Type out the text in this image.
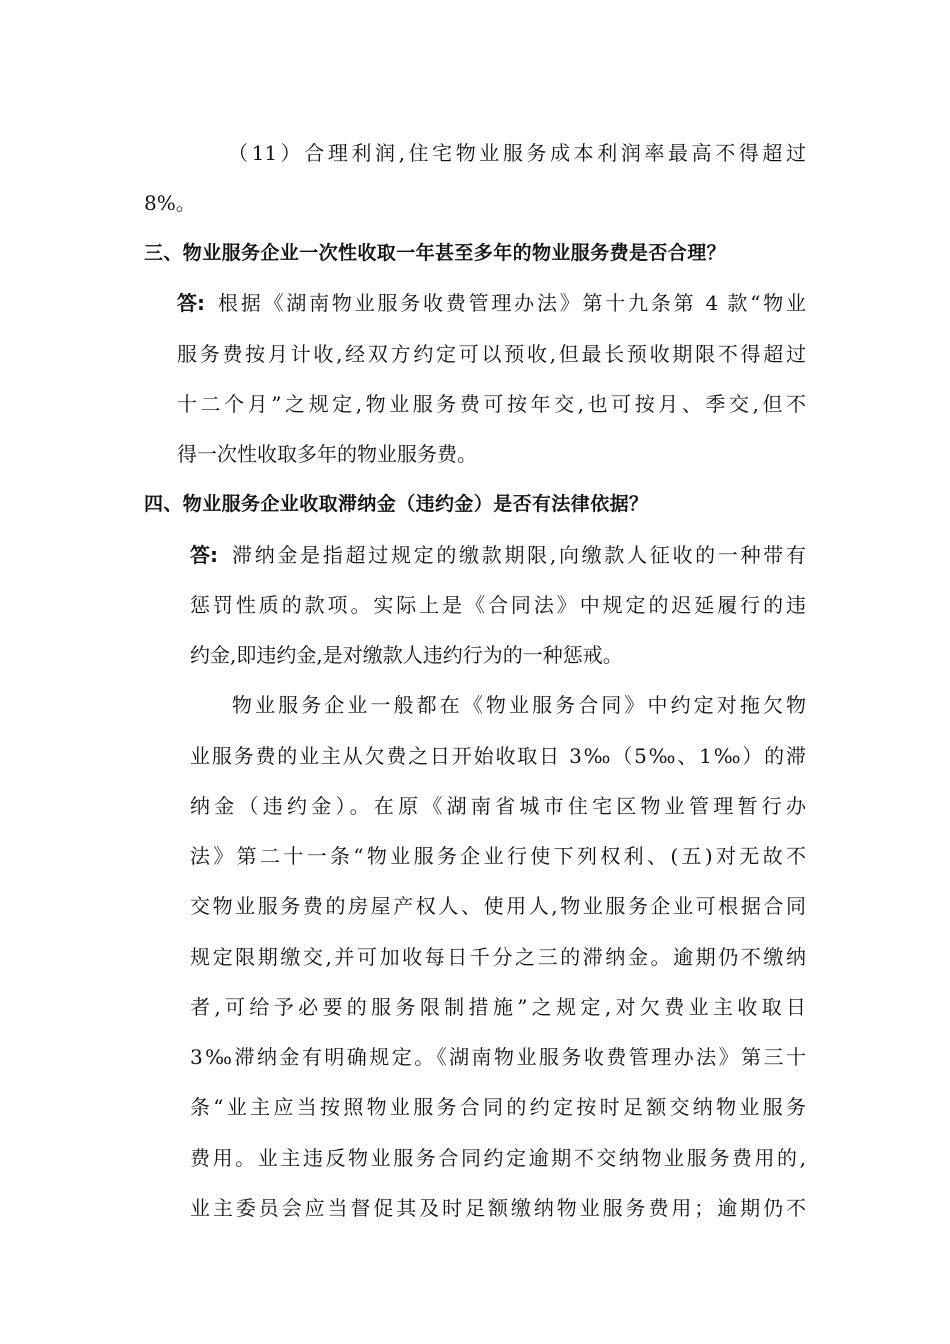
（11）合理利润,住宅物业服务成本利润率最高不得超过
8%。
三、物业服务企业一次性收取一年甚至多年的物业服务费是否合理？
答: 根据《湖南物业服务收费管理办法》第十九条第 4 款“物业
服务费按月计收,经双方约定可以预收,但最长预收期限不得超过
十二个月”之规定,物业服务费可按年交,也可按月、季交,但不
得一次性收取多年的物业服务费。
四、物业服务企业收取滞纳金（违约金）是否有法律依据？
答: 滞纳金是指超过规定的缴款期限,向缴款人征收的一种带有
惩罚性质的款项。实际上是《合同法》中规定的迟延履行的违
约金,即违约金,是对缴款人违约行为的一种惩戒。
物业服务企业一般都在《物业服务合同》中约定对拖欠物
业服务费的业主从欠费之日开始收取日 3‰（5‰、1‰）的滞
纳金（违约金）。在原《湖南省城市住宅区物业管理暂行办
法》第二十一条“物业服务企业行使下列权利、(五)对无故不
交物业服务费的房屋产权人、使用人,物业服务企业可根据合同
规定限期缴交,并可加收每日千分之三的滞纳金。逾期仍不缴纳
者,可给予必要的服务限制措施”之规定,对欠费业主收取日
3‰滞纳金有明确规定。《湖南物业服务收费管理办法》第三十
条“业主应当按照物业服务合同的约定按时足额交纳物业服务
费用。业主违反物业服务合同约定逾期不交纳物业服务费用的,
业主委员会应当督促其及时足额缴纳物业服务费用；逾期仍不
